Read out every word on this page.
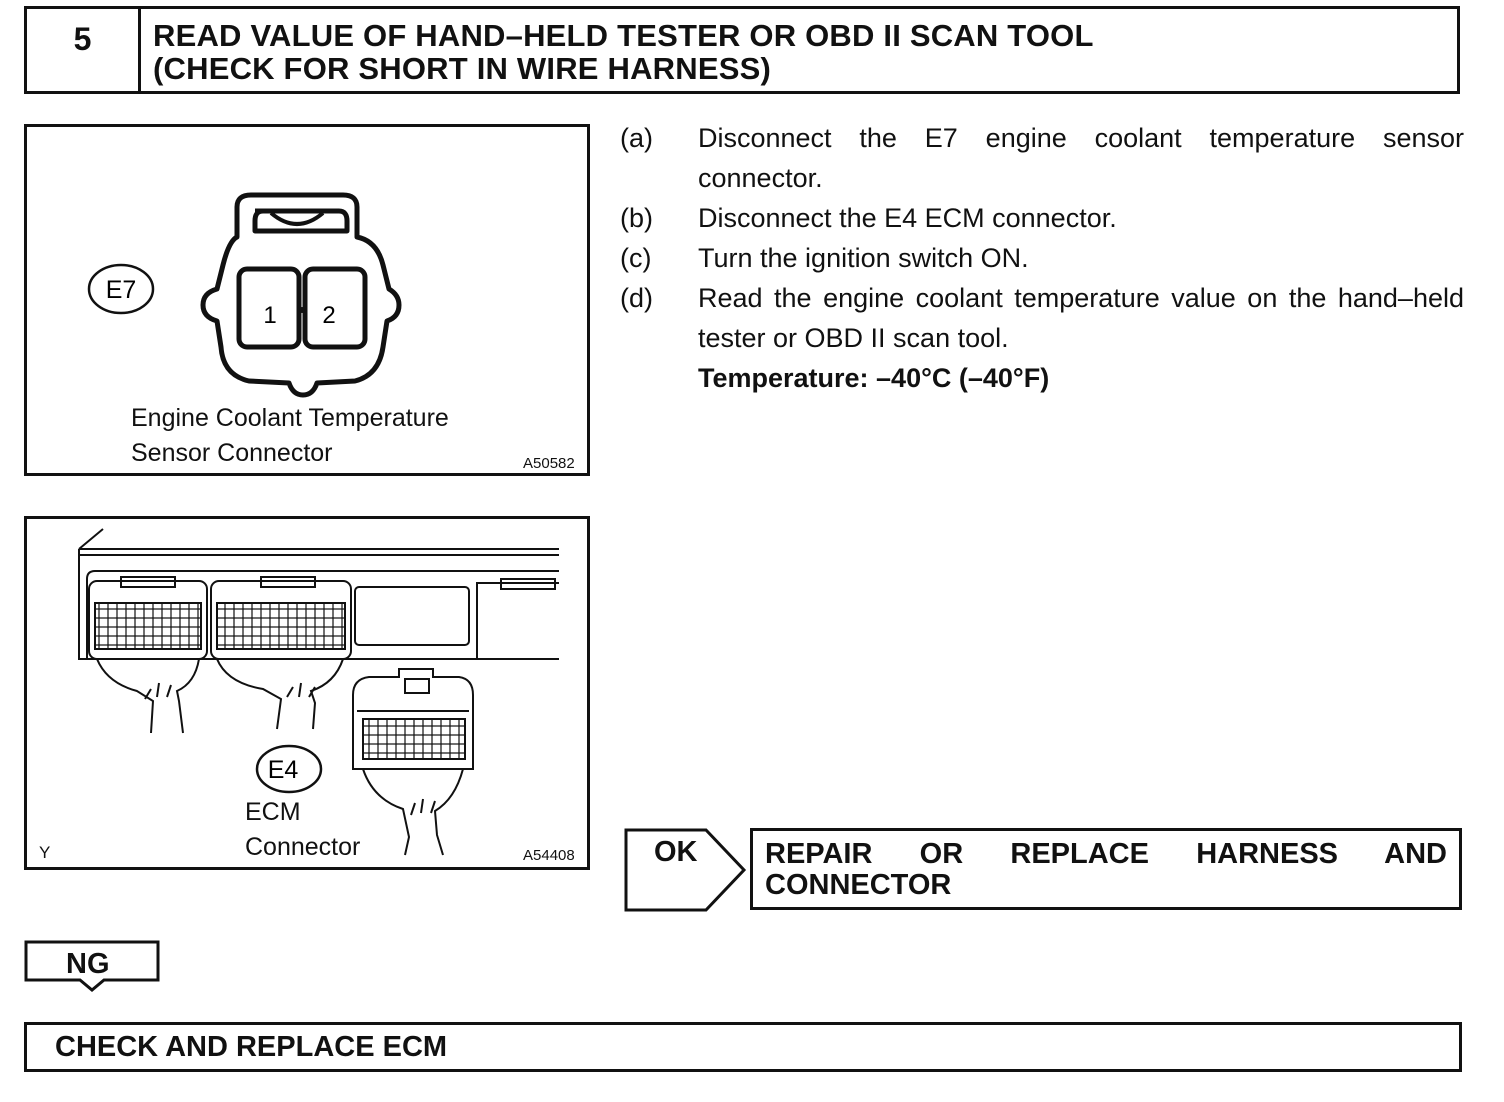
5	READ VALUE OF HAND–HELD TESTER OR OBD II SCAN TOOL
(CHECK FOR SHORT IN WIRE HARNESS)
1 2
E7
Engine Coolant Temperature
Sensor Connector	A50582
E4
ECM
Connector
Y	A54408
(a)	Disconnect the E7 engine coolant temperature sensor connector.
(b)	Disconnect the E4 ECM connector.
(c)	Turn the ignition switch ON.
(d)	Read the engine coolant temperature value on the hand–held tester or OBD II scan tool.
Temperature: –40°C (–40°F)
OK	REPAIR OR REPLACE HARNESS AND CONNECTOR
NG
CHECK AND REPLACE ECM
